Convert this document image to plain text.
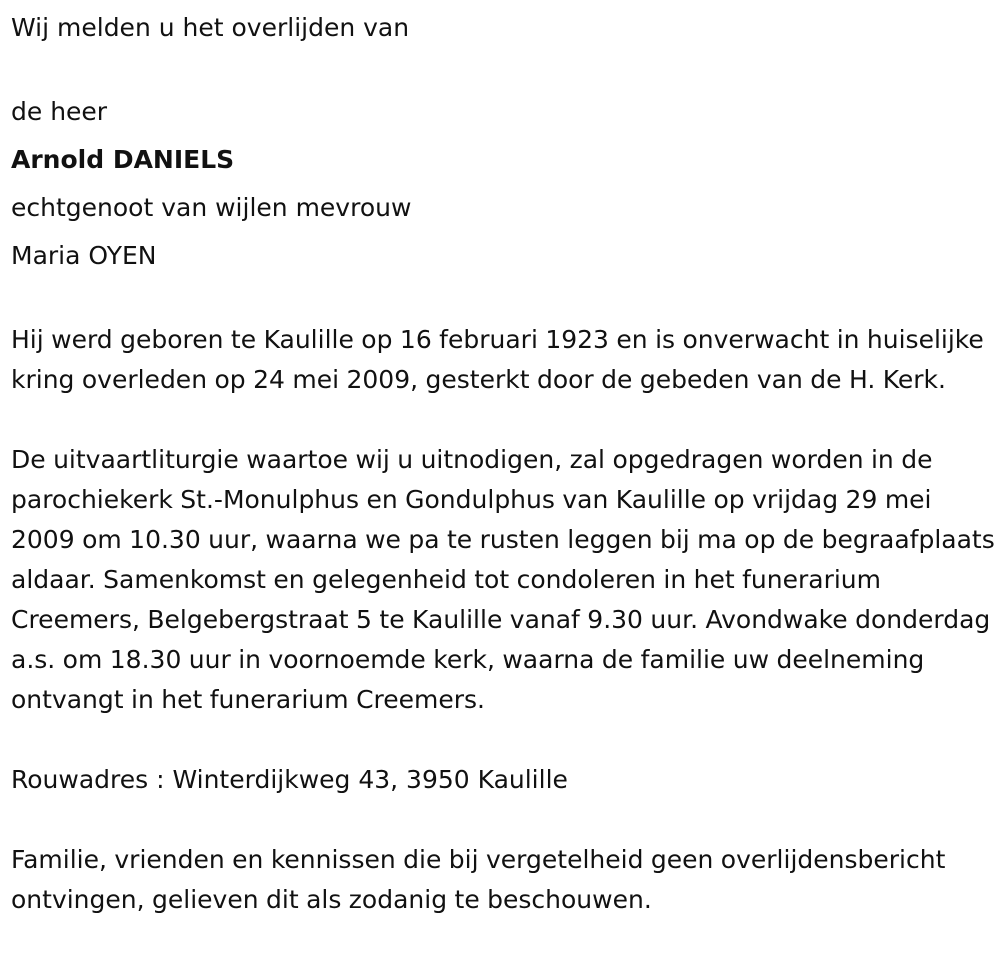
Wij melden u het overlijden van
de heer
Arnold DANIELS
echtgenoot van wijlen mevrouw
Maria OYEN
Hij werd geboren te Kaulille op 16 februari 1923 en is onverwacht in huiselijke kring overleden op 24 mei 2009, gesterkt door de gebeden van de H. Kerk.
De uitvaartliturgie waartoe wij u uitnodigen, zal opgedragen worden in de parochiekerk St.-Monulphus en Gondulphus van Kaulille op vrijdag 29 mei 2009 om 10.30 uur, waarna we pa te rusten leggen bij ma op de begraafplaats aldaar. Samenkomst en gelegenheid tot condoleren in het funerarium Creemers, Belgebergstraat 5 te Kaulille vanaf 9.30 uur. Avondwake donderdag a.s. om 18.30 uur in voornoemde kerk, waarna de familie uw deelneming ontvangt in het funerarium Creemers.
Rouwadres : Winterdijkweg 43, 3950 Kaulille
Familie, vrienden en kennissen die bij vergetelheid geen overlijdensbericht ontvingen, gelieven dit als zodanig te beschouwen.
